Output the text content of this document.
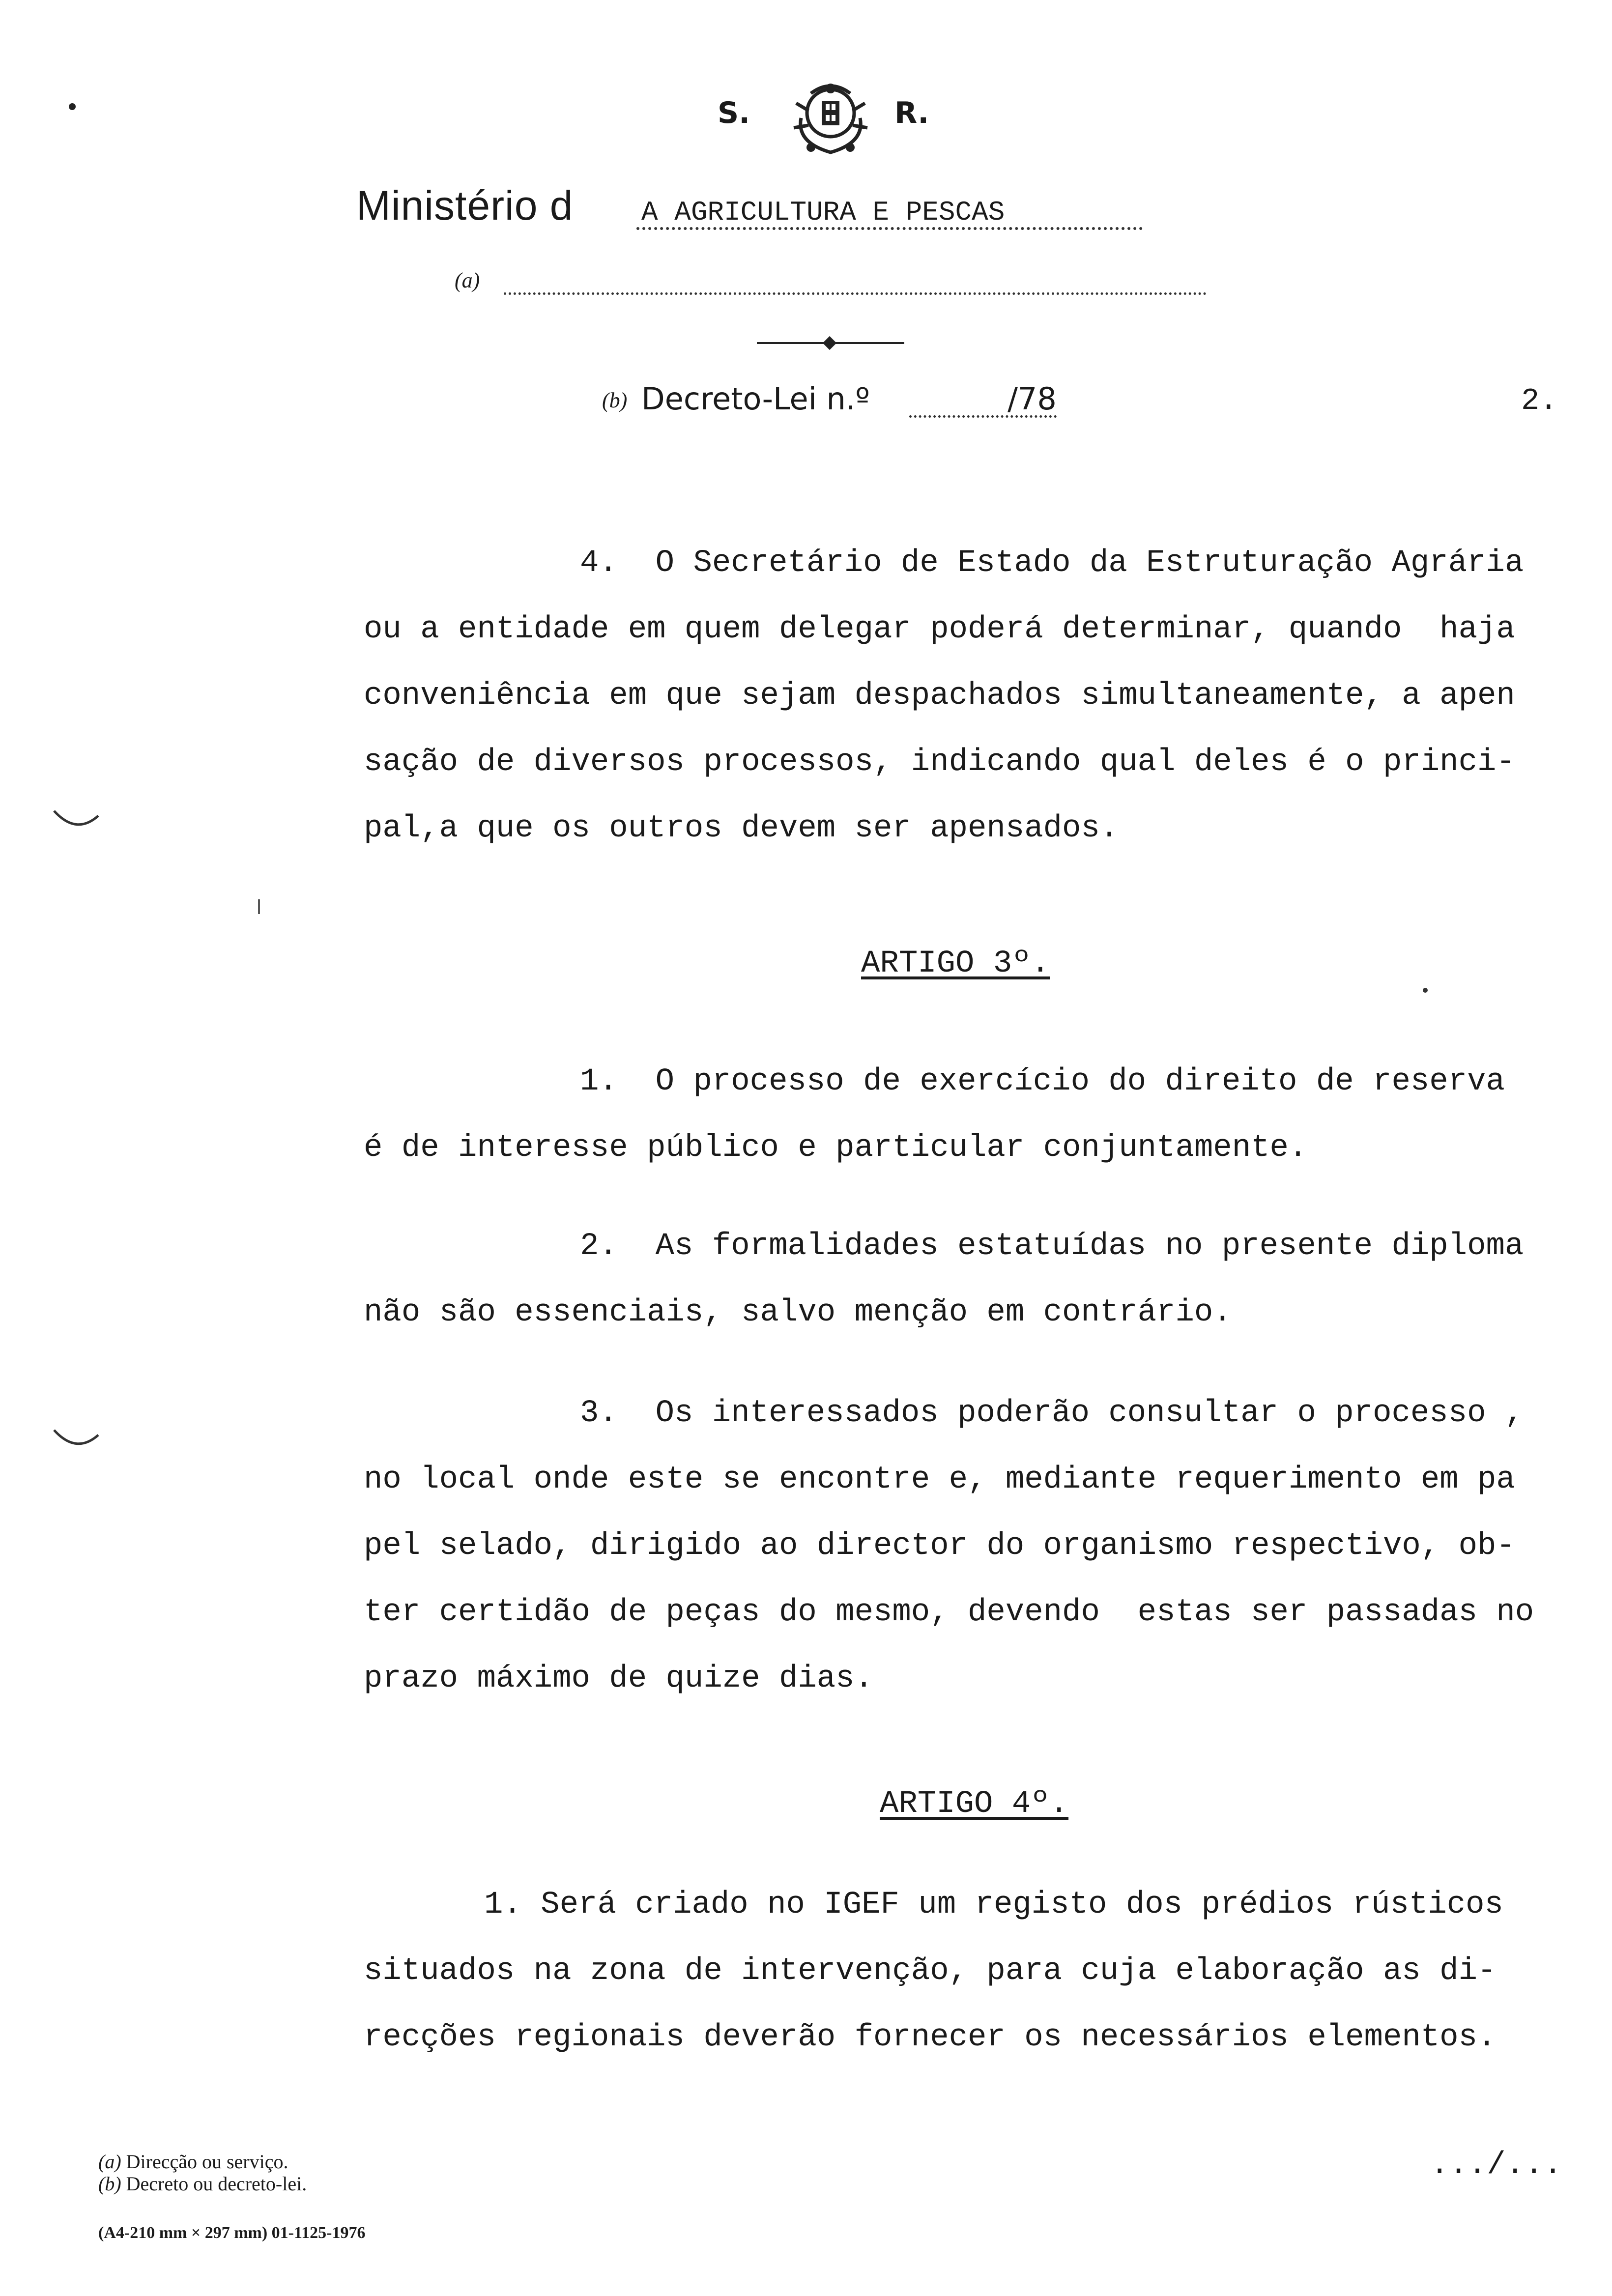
S.	R.
Ministério d A AGRICULTURA E PESCAS
(a)
(b) Decreto-Lei n.º	/78	2.
4.  O Secretário de Estado da Estruturação Agrária
ou a entidade em quem delegar poderá determinar, quando  haja
conveniência em que sejam despachados simultaneamente, a apen
sação de diversos processos, indicando qual deles é o princi-
pal,a que os outros devem ser apensados.
ARTIGO 3º.
1.  O processo de exercício do direito de reserva
é de interesse público e particular conjuntamente.
2.  As formalidades estatuídas no presente diploma
não são essenciais, salvo menção em contrário.
3.  Os interessados poderão consultar o processo ,
no local onde este se encontre e, mediante requerimento em pa
pel selado, dirigido ao director do organismo respectivo, ob-
ter certidão de peças do mesmo, devendo  estas ser passadas no
prazo máximo de quize dias.
ARTIGO 4º.
1. Será criado no IGEF um registo dos prédios rústicos
situados na zona de intervenção, para cuja elaboração as di-
recções regionais deverão fornecer os necessários elementos.
(a) Direcção ou serviço.
(b) Decreto ou decreto-lei.
(A4-210 mm × 297 mm) 01-1125-1976
.../...
